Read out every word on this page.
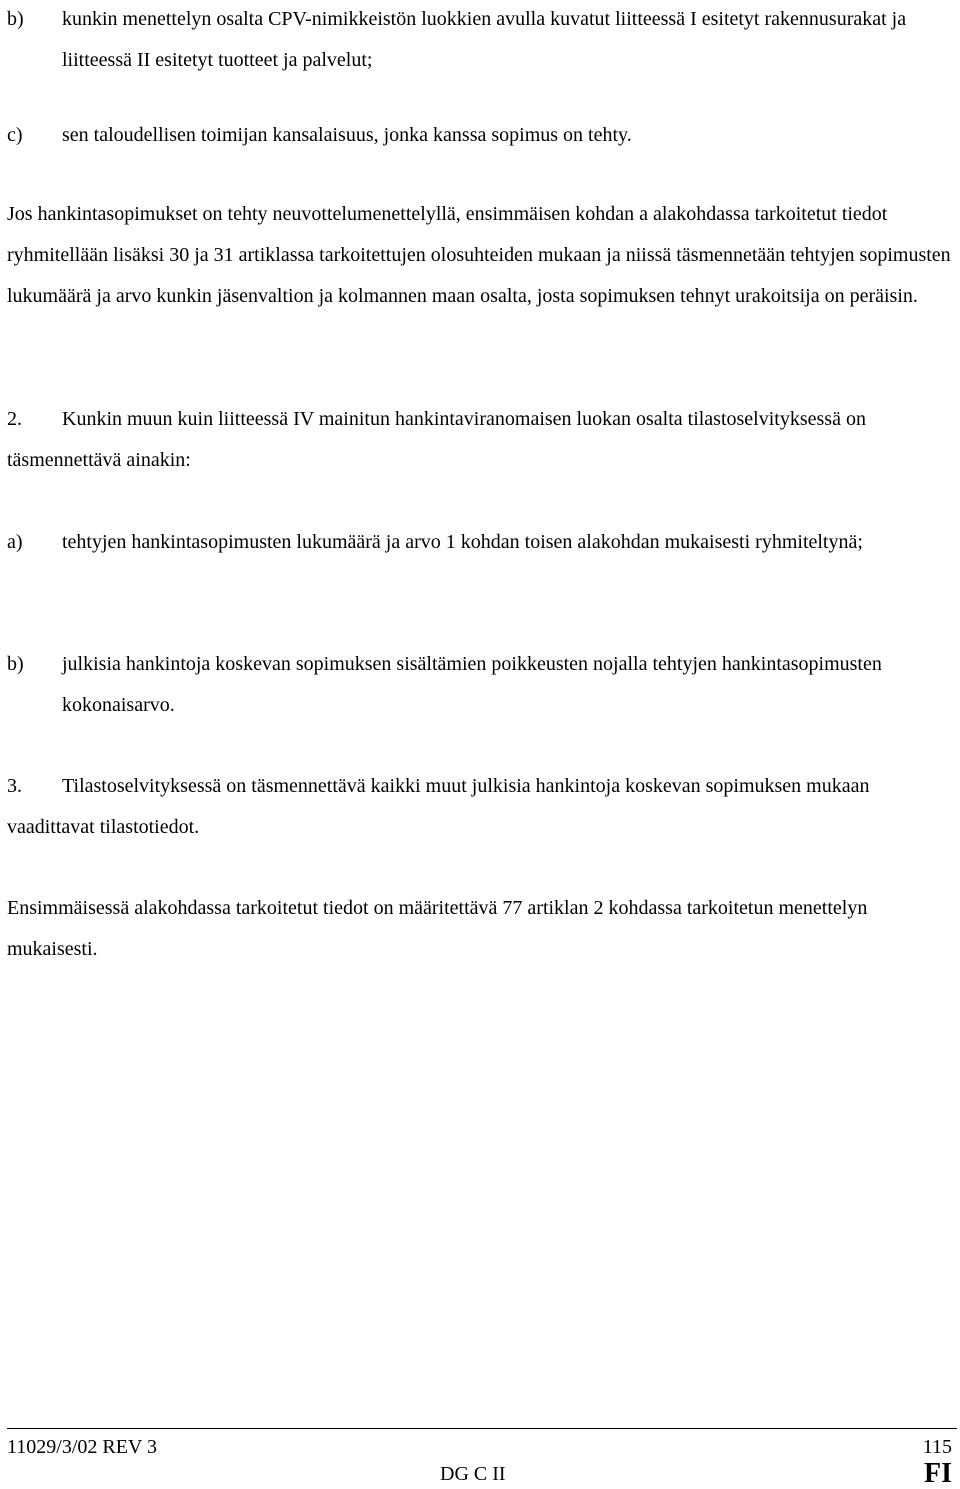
b)	kunkin menettelyn osalta CPV-nimikkeistön luokkien avulla kuvatut liitteessä I esitetyt rakennusurakat ja liitteessä II esitetyt tuotteet ja palvelut;
c)	sen taloudellisen toimijan kansalaisuus, jonka kanssa sopimus on tehty.

Jos hankintasopimukset on tehty neuvottelumenettelyllä, ensimmäisen kohdan a alakohdassa tarkoitetut tiedot ryhmitellään lisäksi 30 ja 31 artiklassa tarkoitettujen olosuhteiden mukaan ja niissä täsmennetään tehtyjen sopimusten lukumäärä ja arvo kunkin jäsenvaltion ja kolmannen maan osalta, josta sopimuksen tehnyt urakoitsija on peräisin.

2. Kunkin muun kuin liitteessä IV mainitun hankintaviranomaisen luokan osalta tilastoselvityksessä on täsmennettävä ainakin:

a)	tehtyjen hankintasopimusten lukumäärä ja arvo 1 kohdan toisen alakohdan mukaisesti ryhmiteltynä;
b)	julkisia hankintoja koskevan sopimuksen sisältämien poikkeusten nojalla tehtyjen hankintasopimusten kokonaisarvo.

3. Tilastoselvityksessä on täsmennettävä kaikki muut julkisia hankintoja koskevan sopimuksen mukaan vaadittavat tilastotiedot.

Ensimmäisessä alakohdassa tarkoitetut tiedot on määritettävä 77 artiklan 2 kohdassa tarkoitetun menettelyn mukaisesti.

11029/3/02 REV 3	115
DG C II	FI
